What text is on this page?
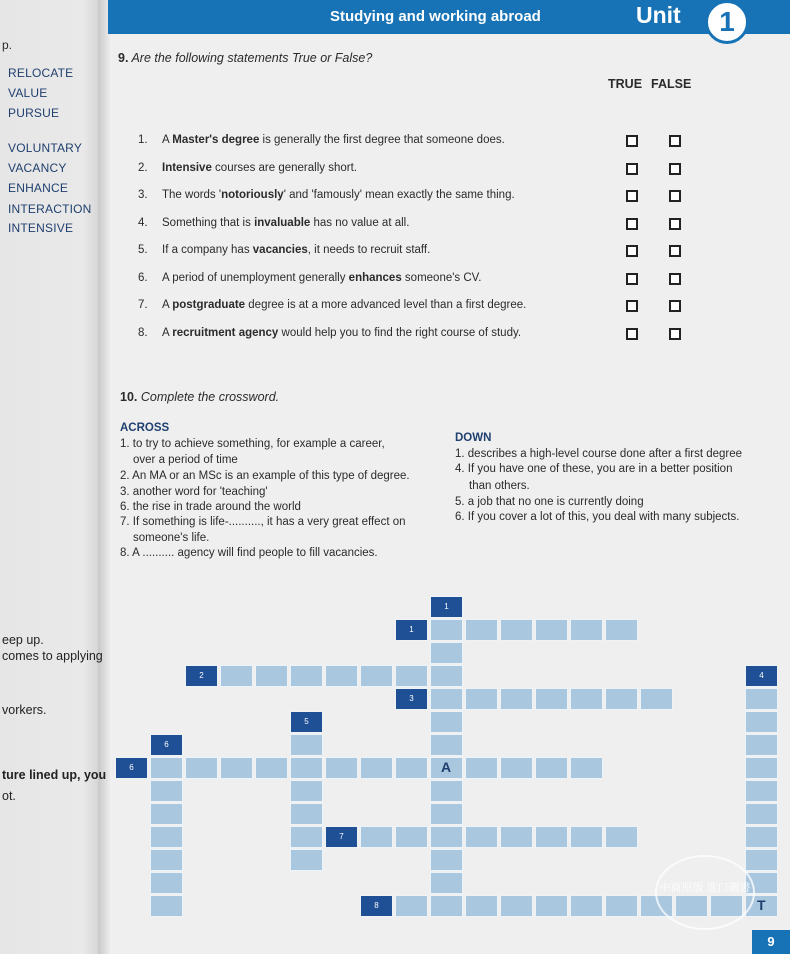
Studying and working abroad	Unit	1
p.
RELOCATE
VALUE
PURSUE
VOLUNTARY
VACANCY
ENHANCE
INTERACTION
INTENSIVE
eep up.
comes to applying
vorkers.
ture lined up, you
ot.
9. Are the following statements True or False?
TRUE FALSE
1. A Master's degree is generally the first degree that someone does.
2. Intensive courses are generally short.
3. The words 'notoriously' and 'famously' mean exactly the same thing.
4. Something that is invaluable has no value at all.
5. If a company has vacancies, it needs to recruit staff.
6. A period of unemployment generally enhances someone's CV.
7. A postgraduate degree is at a more advanced level than a first degree.
8. A recruitment agency would help you to find the right course of study.
10. Complete the crossword.
ACROSS
1. to try to achieve something, for example a career,
over a period of time
2. An MA or an MSc is an example of this type of degree.
3. another word for 'teaching'
6. the rise in trade around the world
7. If something is life-.........., it has a very great effect on
someone's life.
8. A .......... agency will find people to fill vacancies.
DOWN
1. describes a high-level course done after a first degree
4. If you have one of these, you are in a better position
than others.
5. a job that no one is currently doing
6. If you cover a lot of this, you deal with many subjects.
1
1
2	4
3
5
6
6
7
8
A
T
中商原版 進口圖書
9
